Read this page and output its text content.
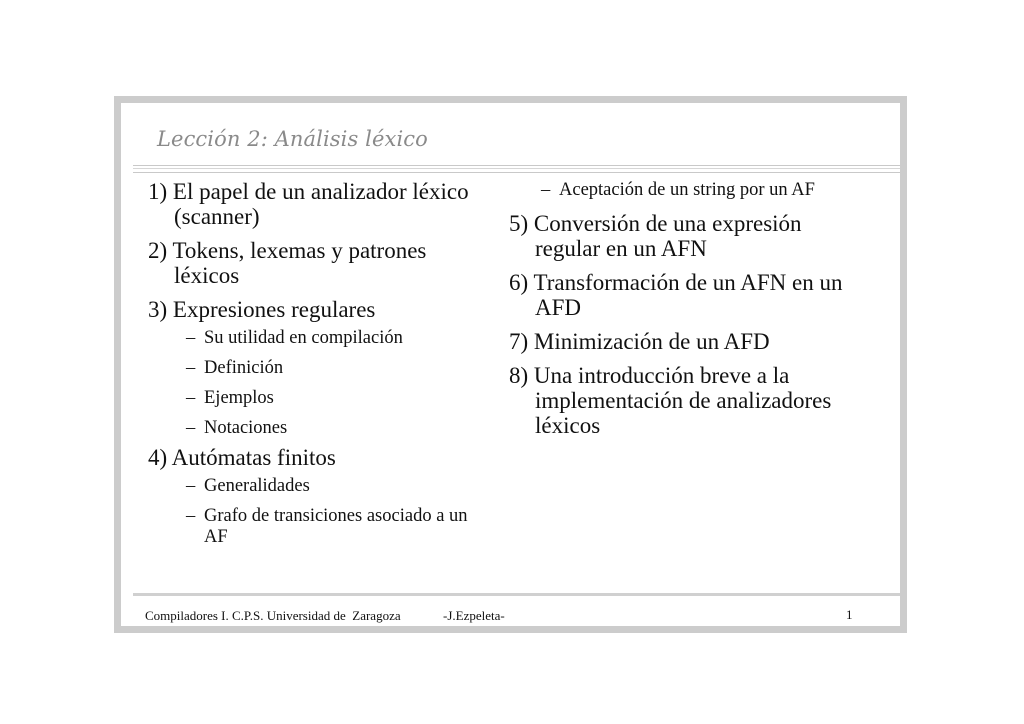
Lección 2: Análisis léxico
1) El papel de un analizador léxico (scanner)
2) Tokens, lexemas y patrones léxicos
3) Expresiones regulares
– Su utilidad en compilación
– Definición
– Ejemplos
– Notaciones
4) Autómatas finitos
– Generalidades
– Grafo de transiciones asociado a un AF
– Aceptación de un string por un AF
5) Conversión de una expresión regular en un AFN
6) Transformación de un AFN en un AFD
7) Minimización de un AFD
8) Una introducción breve a la implementación de analizadores léxicos
Compiladores I. C.P.S. Universidad de  Zaragoza	-J.Ezpeleta-	1
